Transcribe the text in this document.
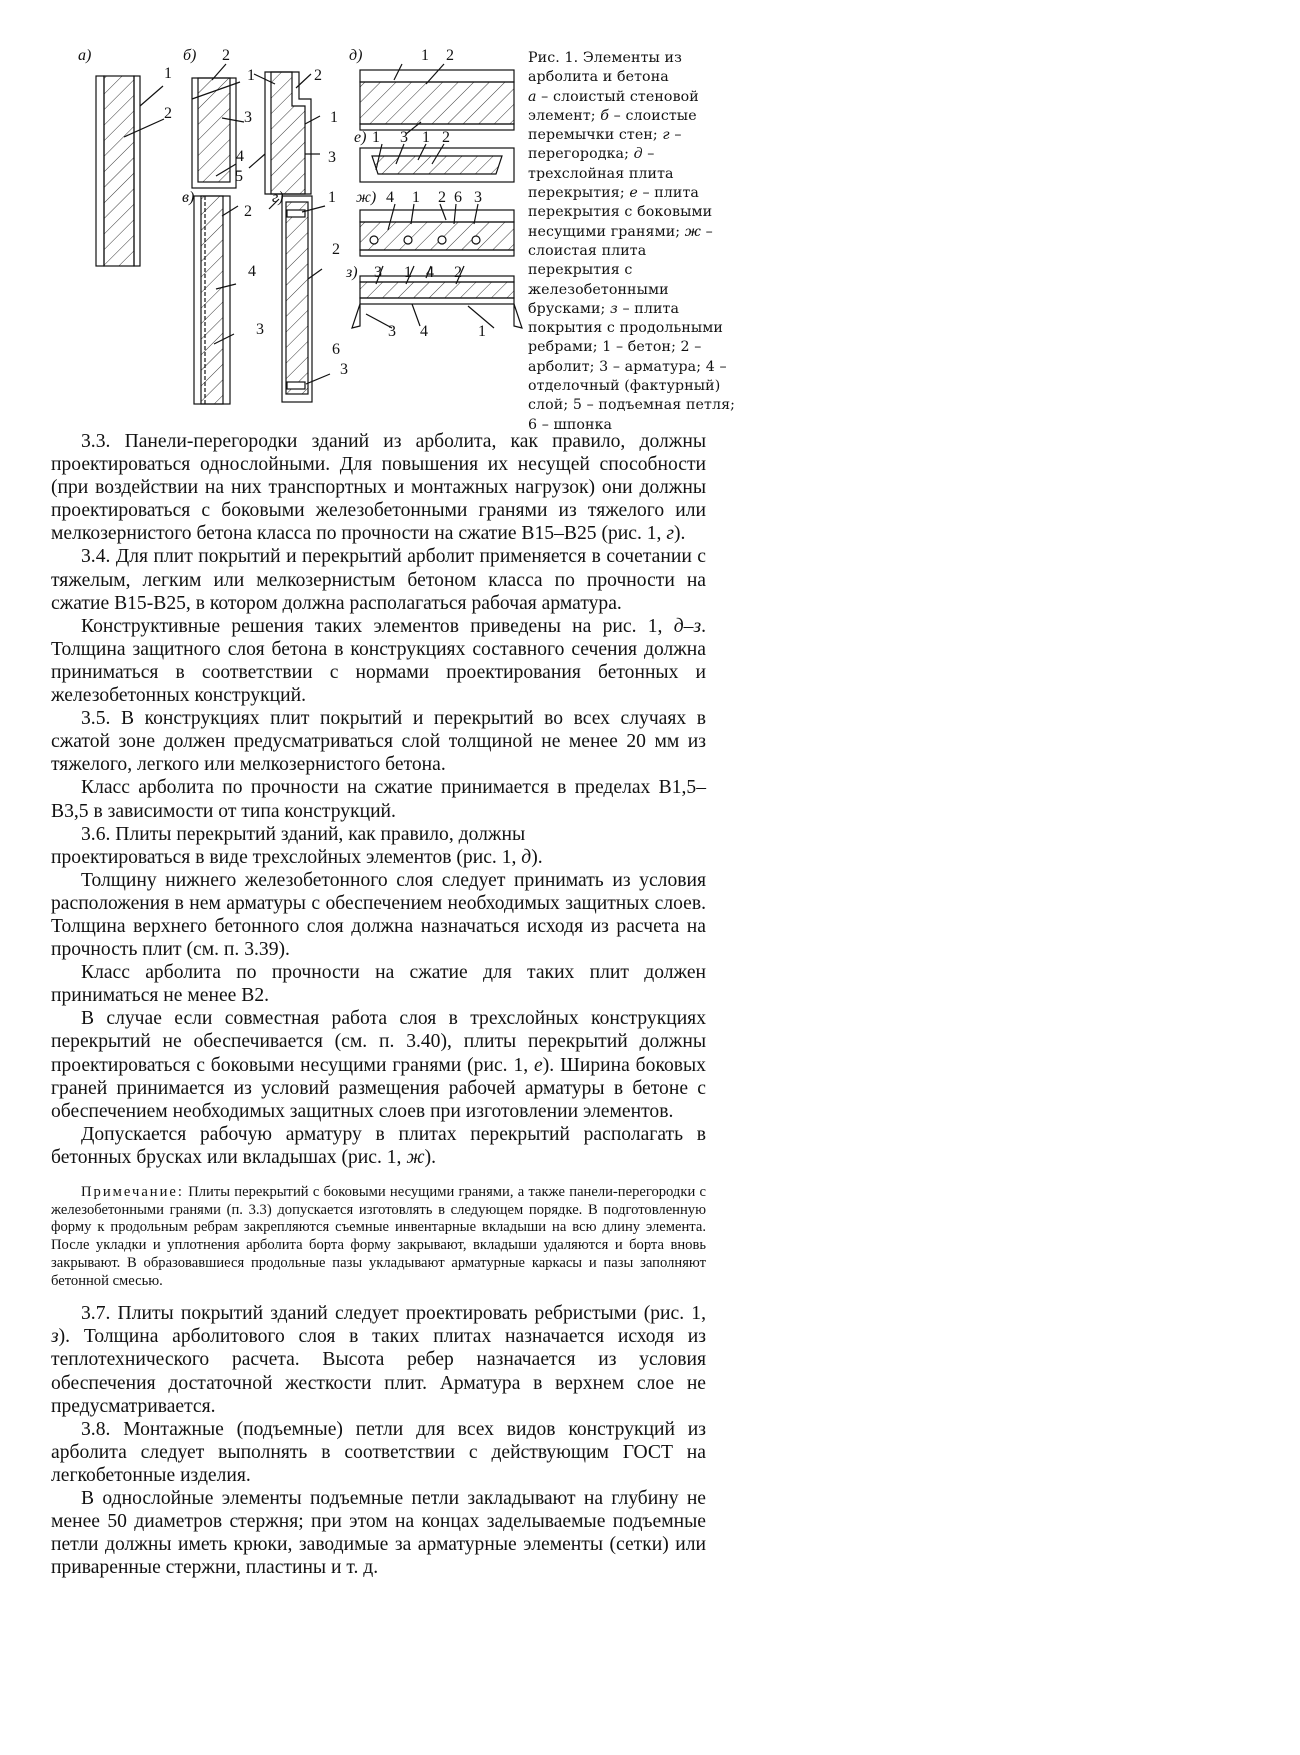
а)
1
2
б) 2
1
3
4
5
2
1
3
в)
2
4
3
г)	1
2
6
3
д)	1 2
е) 1 3 1 2
ж) 4 1 2 6 3
з) 3 1 4 2
3 4	1

Рис. 1. Элементы из арболита и бетона
а – слоистый стеновой элемент; б – слоистые перемычки стен; г – перегородка; д – трехслойная плита перекрытия; е – плита перекрытия с боковыми несущими гранями; ж – слоистая плита перекрытия с железобетонными брусками; з – плита покрытия с продольными ребрами; 1 – бетон; 2 – арболит; 3 – арматура; 4 – отделочный (фактурный) слой; 5 – подъемная петля; 6 – шпонка

3.3. Панели-перегородки зданий из арболита, как правило, должны проектироваться однослойными. Для повышения их несущей способности (при воздействии на них транспортных и монтажных нагрузок) они должны проектироваться с боковыми железобетонными гранями из тяжелого или мелкозернистого бетона класса по прочности на сжатие В15–В25 (рис. 1, г).

3.4. Для плит покрытий и перекрытий арболит применяется в сочетании с тяжелым, легким или мелкозернистым бетоном класса по прочности на сжатие В15-В25, в котором должна располагаться рабочая арматура.

Конструктивные решения таких элементов приведены на рис. 1, д–з. Толщина защитного слоя бетона в конструкциях составного сечения должна приниматься в соответствии с нормами проектирования бетонных и железобетонных конструкций.

3.5. В конструкциях плит покрытий и перекрытий во всех случаях в сжатой зоне должен предусматриваться слой толщиной не менее 20 мм из тяжелого, легкого или мелкозернистого бетона.

Класс арболита по прочности на сжатие принимается в пределах В1,5–В3,5 в зависимости от типа конструкций.

3.6. Плиты перекрытий зданий, как правило, должны

проектироваться в виде трехслойных элементов (рис. 1, д).

Толщину нижнего железобетонного слоя следует принимать из условия расположения в нем арматуры с обеспечением необходимых защитных слоев. Толщина верхнего бетонного слоя должна назначаться исходя из расчета на прочность плит (см. п. 3.39).

Класс арболита по прочности на сжатие для таких плит должен приниматься не менее В2.

В случае если совместная работа слоя в трехслойных конструкциях перекрытий не обеспечивается (см. п. 3.40), плиты перекрытий должны проектироваться с боковыми несущими гранями (рис. 1, е). Ширина боковых граней принимается из условий размещения рабочей арматуры в бетоне с обеспечением необходимых защитных слоев при изготовлении элементов.

Допускается рабочую арматуру в плитах перекрытий располагать в бетонных брусках или вкладышах (рис. 1, ж).

Примечание: Плиты перекрытий с боковыми несущими гранями, а также панели-перегородки с железобетонными гранями (п. 3.3) допускается изготовлять в следующем порядке. В подготовленную форму к продольным ребрам закрепляются съемные инвентарные вкладыши на всю длину элемента. После укладки и уплотнения арболита борта форму закрывают, вкладыши удаляются и борта вновь закрывают. В образовавшиеся продольные пазы укладывают арматурные каркасы и пазы заполняют бетонной смесью.

3.7. Плиты покрытий зданий следует проектировать ребристыми (рис. 1, з). Толщина арболитового слоя в таких плитах назначается исходя из теплотехнического расчета. Высота ребер назначается из условия обеспечения достаточной жесткости плит. Арматура в верхнем слое не предусматривается.

3.8. Монтажные (подъемные) петли для всех видов конструкций из арболита следует выполнять в соответствии с действующим ГОСТ на легкобетонные изделия.

В однослойные элементы подъемные петли закладывают на глубину не менее 50 диаметров стержня; при этом на концах заделываемые подъемные петли должны иметь крюки, заводимые за арматурные элементы (сетки) или приваренные стержни, пластины и т. д.
